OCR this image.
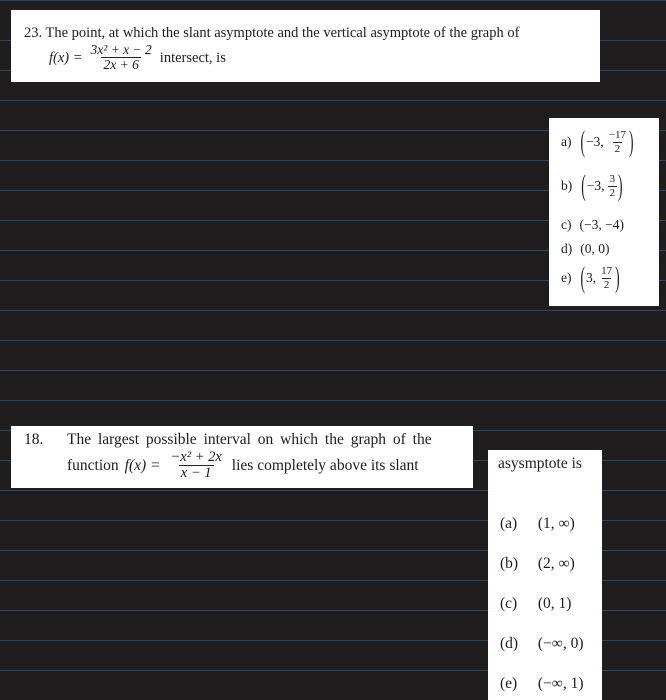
23. The point, at which the slant asymptote and the vertical asymptote of the graph of
$f(x) = \frac{\text{3x² + x − 2}}{2x + 6}$ intersect, is
a) ( −3, $\frac{-17}{2}$ )
b) ( −3, $\frac{3}{2}$ )
c) (−3, −4)
d) (0, 0)
e) ( 3, $\frac{17}{2}$ )
18. The largest possible interval on which the graph of the
function $f(x) = \frac{\text{−x² + 2x}}{x - 1}$ lies completely above its slant	asysmptote is
(a) (1, ∞)
(b) (2, ∞)
(c) (0, 1)
(d) (−∞, 0)
(e) (−∞, 1)
